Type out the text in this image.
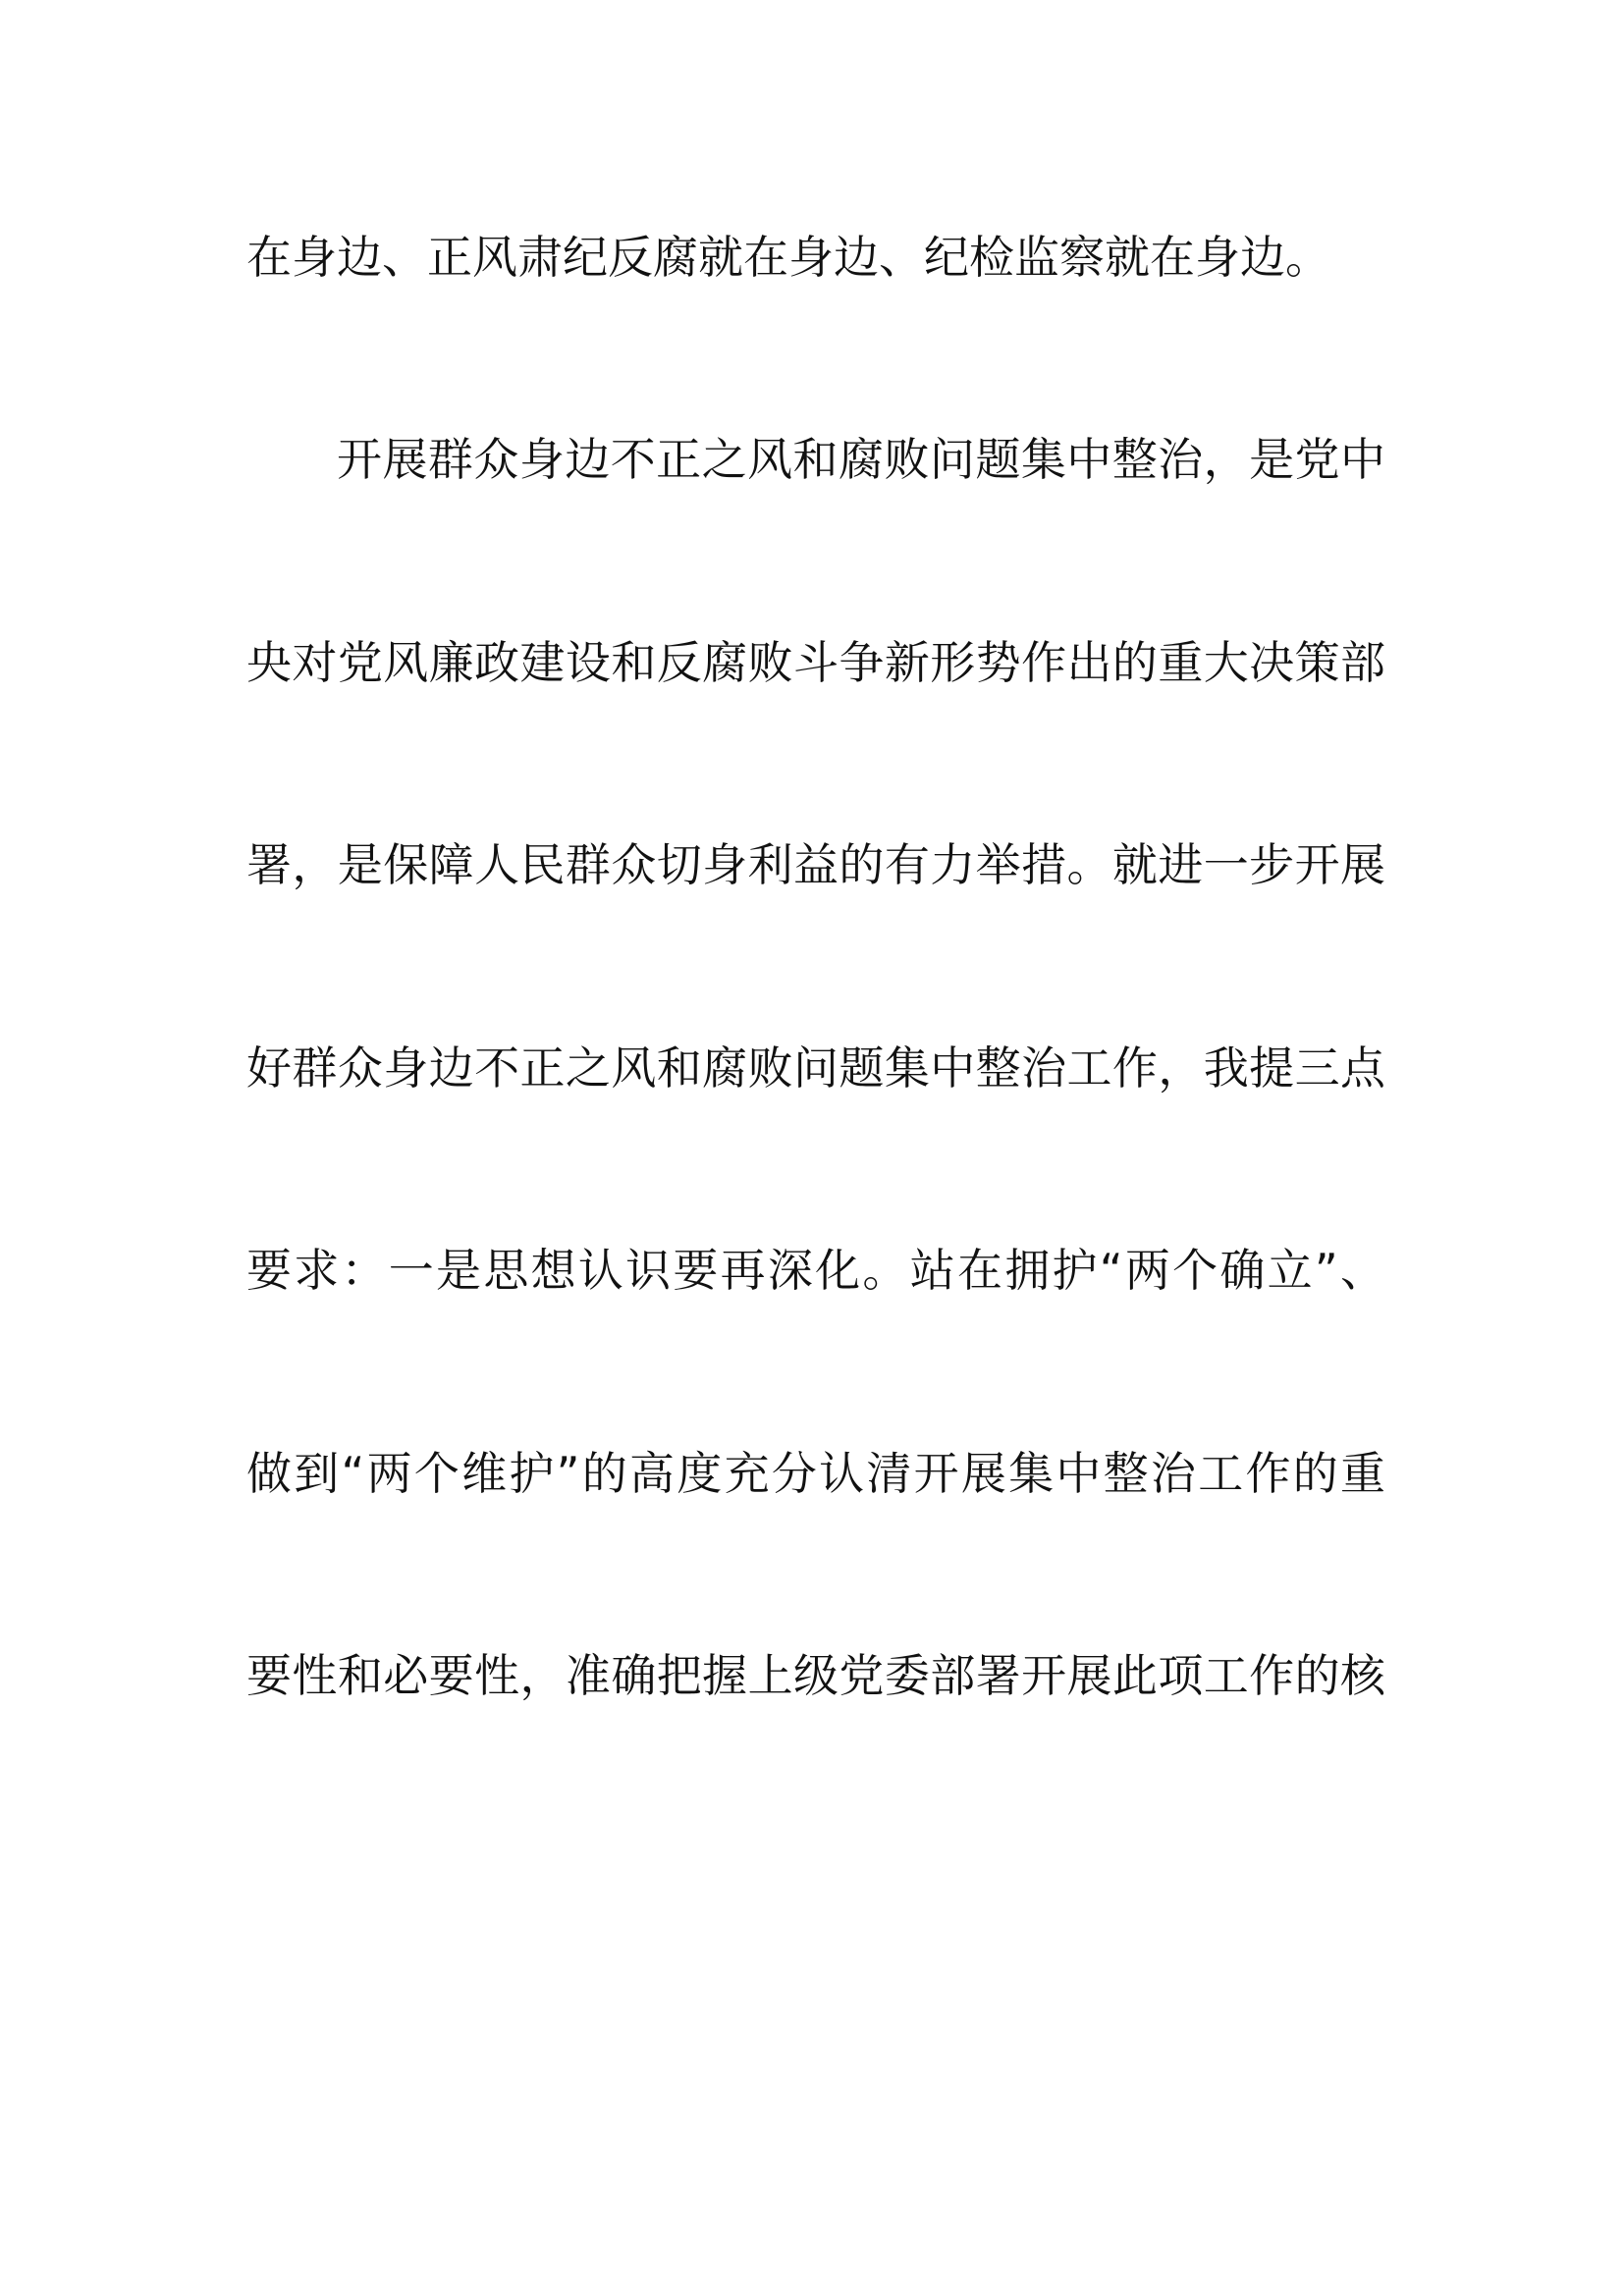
在身边、正风肃纪反腐就在身边、纪检监察就在身边。

开展群众身边不正之风和腐败问题集中整治，是党中

央对党风廉政建设和反腐败斗争新形势作出的重大决策部

署，是保障人民群众切身利益的有力举措。就进一步开展

好群众身边不正之风和腐败问题集中整治工作，我提三点

要求：一是思想认识要再深化。站在拥护“两个确立”、

做到“两个维护”的高度充分认清开展集中整治工作的重

要性和必要性，准确把握上级党委部署开展此项工作的核
